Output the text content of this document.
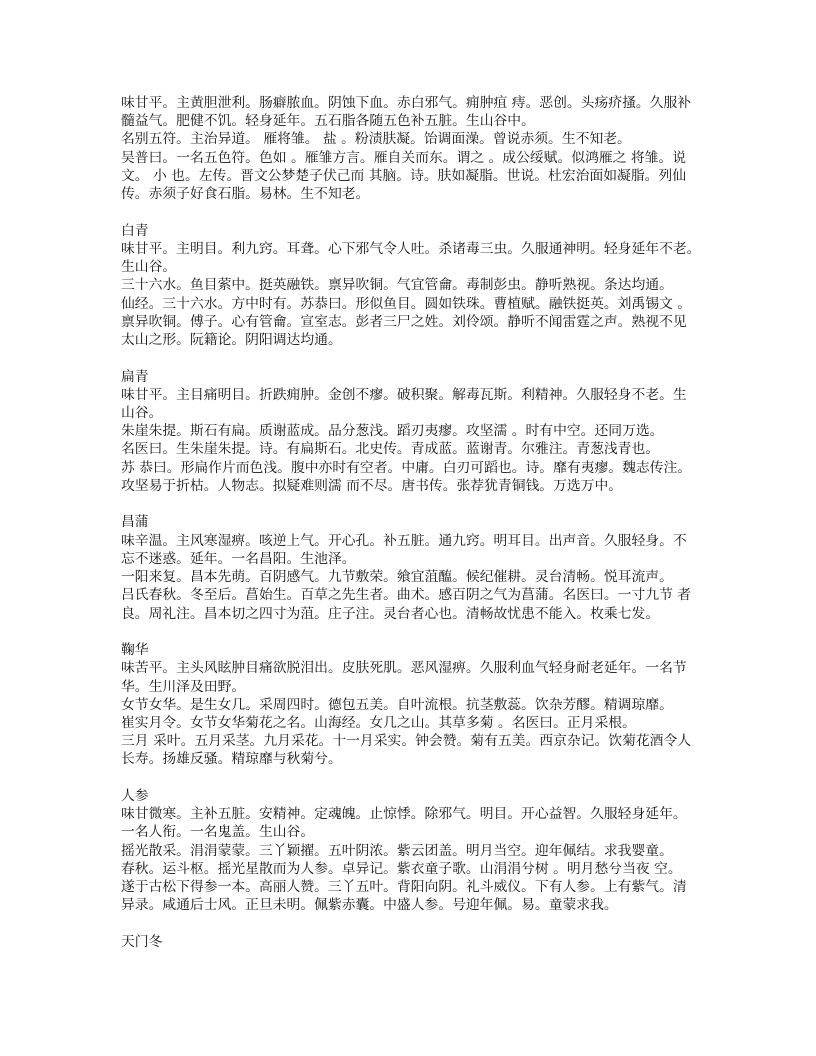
味甘平。主黄胆泄利。肠癖脓血。阴蚀下血。赤白邪气。痈肿疽 痔。恶创。头疡疥搔。久服补
髓益气。肥健不饥。轻身延年。五石脂各随五色补五脏。生山谷中。
名别五符。主治异道。 雁将雏。 盐 。粉渍肤凝。饴调面澡。曾说赤须。生不知老。
吴普曰。一名五色符。色如 。雁雏方言。雁自关而东。谓之 。成公绥赋。似鸿雁之 将雏。说
文。 小 也。左传。晋文公梦楚子伏己而 其脑。诗。肤如凝脂。世说。杜宏治面如凝脂。列仙
传。赤须子好食石脂。易林。生不知老。
白青
味甘平。主明目。利九窍。耳聋。心下邪气令人吐。杀诸毒三虫。久服通神明。轻身延年不老。
生山谷。
三十六水。鱼目萦中。挺英融铁。禀异吹铜。气宜管龠。毒制彭虫。静听熟视。条达均通。
仙经。三十六水。方中时有。苏恭曰。形似鱼目。圆如铁珠。曹植赋。融铁挺英。刘禹锡文 。
禀异吹铜。傅子。心有管龠。宣室志。彭者三尸之姓。刘伶颂。静听不闻雷霆之声。熟视不见
太山之形。阮籍论。阴阳调达均通。
扁青
味甘平。主目痛明目。折跌痈肿。金创不瘳。破积聚。解毒瓦斯。利精神。久服轻身不老。生
山谷。
朱崖朱提。斯石有扁。质谢蓝成。品分葱浅。蹈刃夷瘳。攻坚濡 。时有中空。还同万选。
名医曰。生朱崖朱提。诗。有扁斯石。北史传。青成蓝。蓝谢青。尔雅注。青葱浅青也。
苏 恭曰。形扁作片而色浅。腹中亦时有空者。中庸。白刃可蹈也。诗。靡有夷瘳。魏志传注。
攻坚易于折枯。人物志。拟疑难则濡 而不尽。唐书传。张荐犹青铜钱。万选万中。
昌蒲
味辛温。主风寒湿痹。咳逆上气。开心孔。补五脏。通九窍。明耳目。出声音。久服轻身。不
忘不迷惑。延年。一名昌阳。生池泽。
一阳来复。昌本先萌。百阴感气。九节敷荣。飨宜菹醢。候纪催耕。灵台清畅。悦耳流声。
吕氏春秋。冬至后。菖始生。百草之先生者。曲术。感百阴之气为菖蒲。名医曰。一寸九节 者
良。周礼注。昌本切之四寸为菹。庄子注。灵台者心也。清畅故忧患不能入。枚乘七发。
鞠华
味苦平。主头风眩肿目痛欲脱泪出。皮肤死肌。恶风湿痹。久服利血气轻身耐老延年。一名节
华。生川泽及田野。
女节女华。是生女几。采周四时。德包五美。自叶流根。抗茎敷蕊。饮杂芳醪。精调琼靡。
崔实月令。女节女华菊花之名。山海经。女几之山。其草多菊 。名医曰。正月采根。
三月 采叶。五月采茎。九月采花。十一月采实。钟会赞。菊有五美。西京杂记。饮菊花酒令人
长寿。扬雄反骚。精琼靡与秋菊兮。
人参
味甘微寒。主补五脏。安精神。定魂魄。止惊悸。除邪气。明目。开心益智。久服轻身延年。
一名人衔。一名鬼盖。生山谷。
摇光散采。涓涓蒙蒙。三丫颖擢。五叶阴浓。紫云团盖。明月当空。迎年佩结。求我婴童。
春秋。运斗枢。摇光星散而为人参。卓异记。紫衣童子歌。山涓涓兮树 。明月愁兮当夜 空。
遂于古松下得参一本。高丽人赞。三丫五叶。背阳向阴。礼斗威仪。下有人参。上有紫气。清
异录。咸通后士风。正旦未明。佩紫赤囊。中盛人参。号迎年佩。易。童蒙求我。
天门冬
